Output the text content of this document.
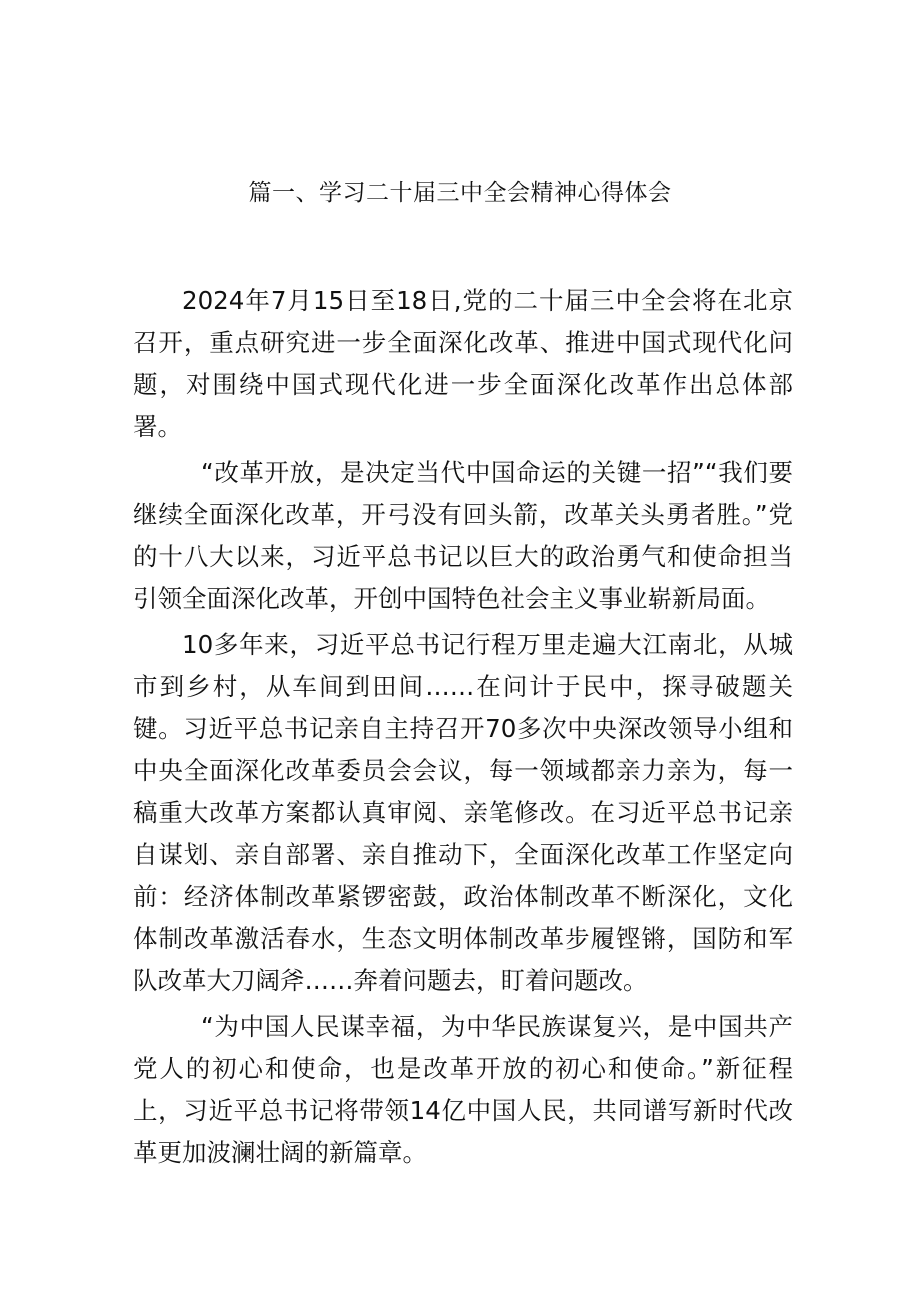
篇一、学习二十届三中全会精神心得体会

2024年7月15日至18日,党的二十届三中全会将在北京召开，重点研究进一步全面深化改革、推进中国式现代化问题，对围绕中国式现代化进一步全面深化改革作出总体部署。

“改革开放，是决定当代中国命运的关键一招”“我们要继续全面深化改革，开弓没有回头箭，改革关头勇者胜。”党的十八大以来，习近平总书记以巨大的政治勇气和使命担当引领全面深化改革，开创中国特色社会主义事业崭新局面。

10多年来，习近平总书记行程万里走遍大江南北，从城市到乡村，从车间到田间……在问计于民中，探寻破题关键。习近平总书记亲自主持召开70多次中央深改领导小组和中央全面深化改革委员会会议，每一领域都亲力亲为，每一稿重大改革方案都认真审阅、亲笔修改。在习近平总书记亲自谋划、亲自部署、亲自推动下，全面深化改革工作坚定向前：经济体制改革紧锣密鼓，政治体制改革不断深化，文化体制改革激活春水，生态文明体制改革步履铿锵，国防和军队改革大刀阔斧……奔着问题去，盯着问题改。

“为中国人民谋幸福，为中华民族谋复兴，是中国共产党人的初心和使命，也是改革开放的初心和使命。”新征程上，习近平总书记将带领14亿中国人民，共同谱写新时代改革更加波澜壮阔的新篇章。
